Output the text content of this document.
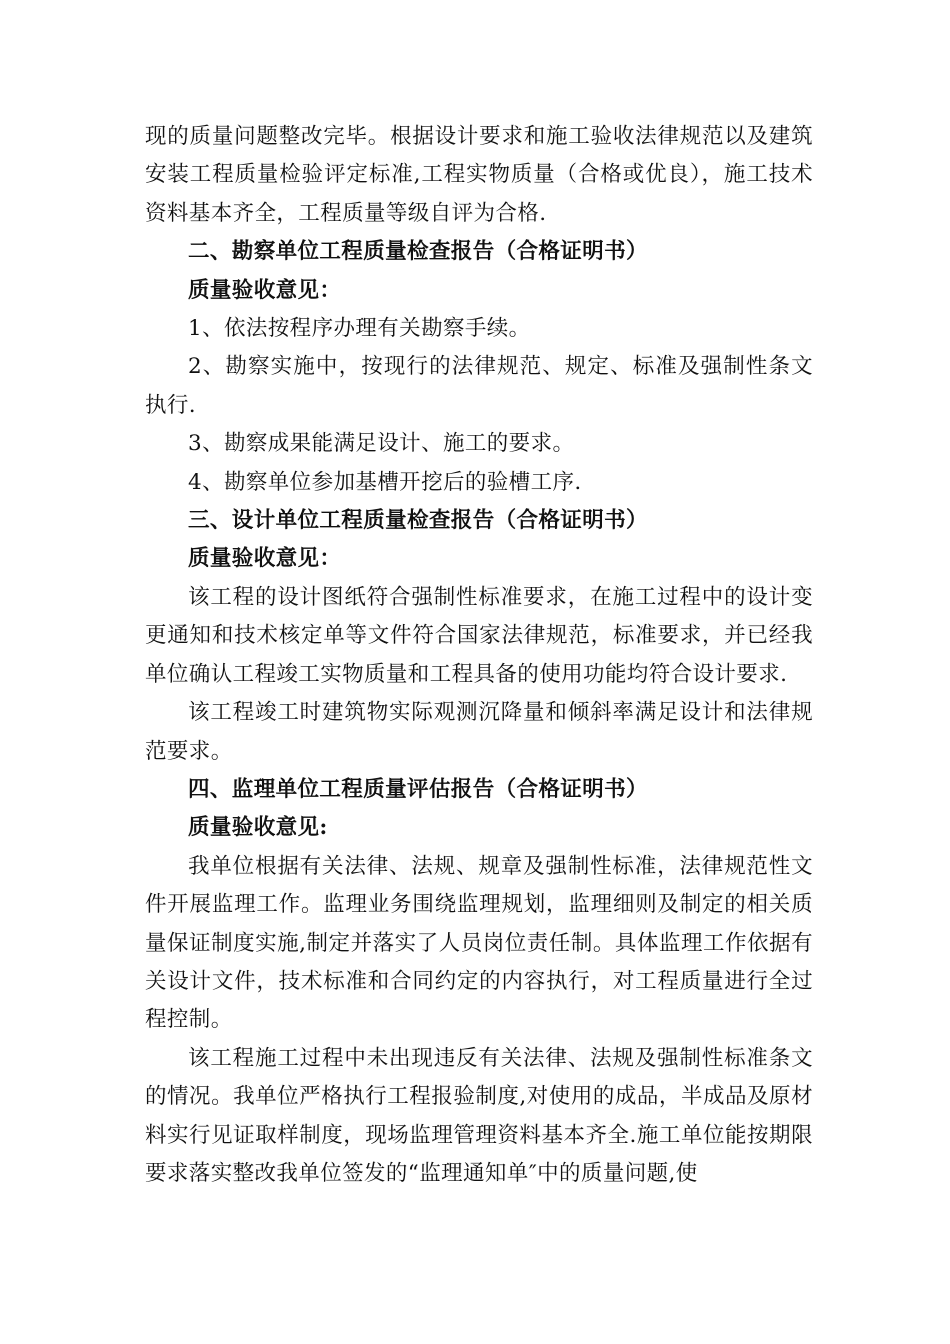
现的质量问题整改完毕。根据设计要求和施工验收法律规范以及建筑安装工程质量检验评定标准,工程实物质量（合格或优良），施工技术资料基本齐全，工程质量等级自评为合格.

二、勘察单位工程质量检查报告（合格证明书）

质量验收意见：

1、依法按程序办理有关勘察手续。

2、勘察实施中，按现行的法律规范、规定、标准及强制性条文执行.

3、勘察成果能满足设计、施工的要求。

4、勘察单位参加基槽开挖后的验槽工序.

三、设计单位工程质量检查报告（合格证明书）

质量验收意见：

该工程的设计图纸符合强制性标准要求，在施工过程中的设计变更通知和技术核定单等文件符合国家法律规范，标准要求，并已经我单位确认工程竣工实物质量和工程具备的使用功能均符合设计要求.

该工程竣工时建筑物实际观测沉降量和倾斜率满足设计和法律规范要求。

四、监理单位工程质量评估报告（合格证明书）

质量验收意见:

我单位根据有关法律、法规、规章及强制性标准，法律规范性文件开展监理工作。监理业务围绕监理规划，监理细则及制定的相关质量保证制度实施,制定并落实了人员岗位责任制。具体监理工作依据有关设计文件，技术标准和合同约定的内容执行，对工程质量进行全过程控制。

该工程施工过程中未出现违反有关法律、法规及强制性标准条文的情况。我单位严格执行工程报验制度,对使用的成品，半成品及原材料实行见证取样制度，现场监理管理资料基本齐全.施工单位能按期限要求落实整改我单位签发的“监理通知单″中的质量问题,使
